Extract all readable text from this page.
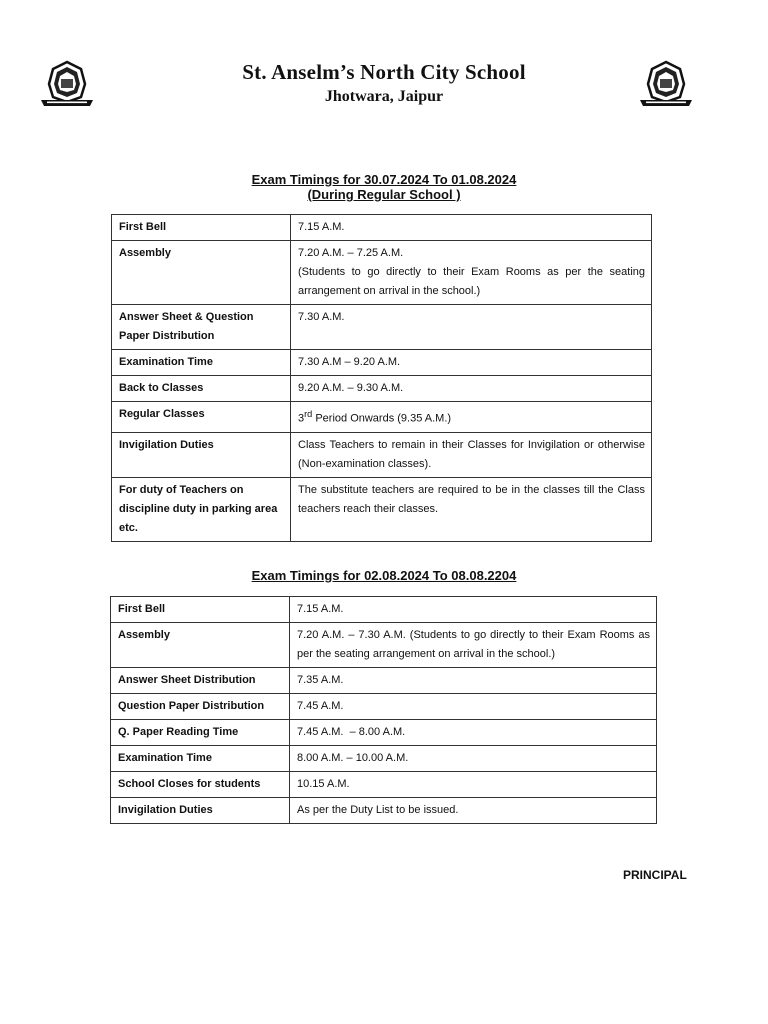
St. Anselm’s North City School
Jhotwara, Jaipur
Exam Timings for 30.07.2024 To 01.08.2024
(During Regular School )
First Bell	7.15 A.M.
Assembly	7.20 A.M. – 7.25 A.M.
(Students to go directly to their Exam Rooms as per the seating arrangement on arrival in the school.)

Answer Sheet & Question Paper Distribution	7.30 A.M.
Examination Time	7.30 A.M – 9.20 A.M.
Back to Classes	9.20 A.M. – 9.30 A.M.
Regular Classes	3rd Period Onwards (9.35 A.M.)
Invigilation Duties	Class Teachers to remain in their Classes for Invigilation or otherwise (Non-examination classes).
For duty of Teachers on discipline duty in parking area etc.	The substitute teachers are required to be in the classes till the Class teachers reach their classes.
Exam Timings for 02.08.2024 To 08.08.2204
First Bell	7.15 A.M.
Assembly	7.20 A.M. – 7.30 A.M. (Students to go directly to their Exam Rooms as per the seating arrangement on arrival in the school.)
Answer Sheet Distribution	7.35 A.M.
Question Paper Distribution	7.45 A.M.
Q. Paper Reading Time	7.45 A.M.  – 8.00 A.M.
Examination Time	8.00 A.M. – 10.00 A.M.
School Closes for students	10.15 A.M.
Invigilation Duties	As per the Duty List to be issued.
PRINCIPAL
